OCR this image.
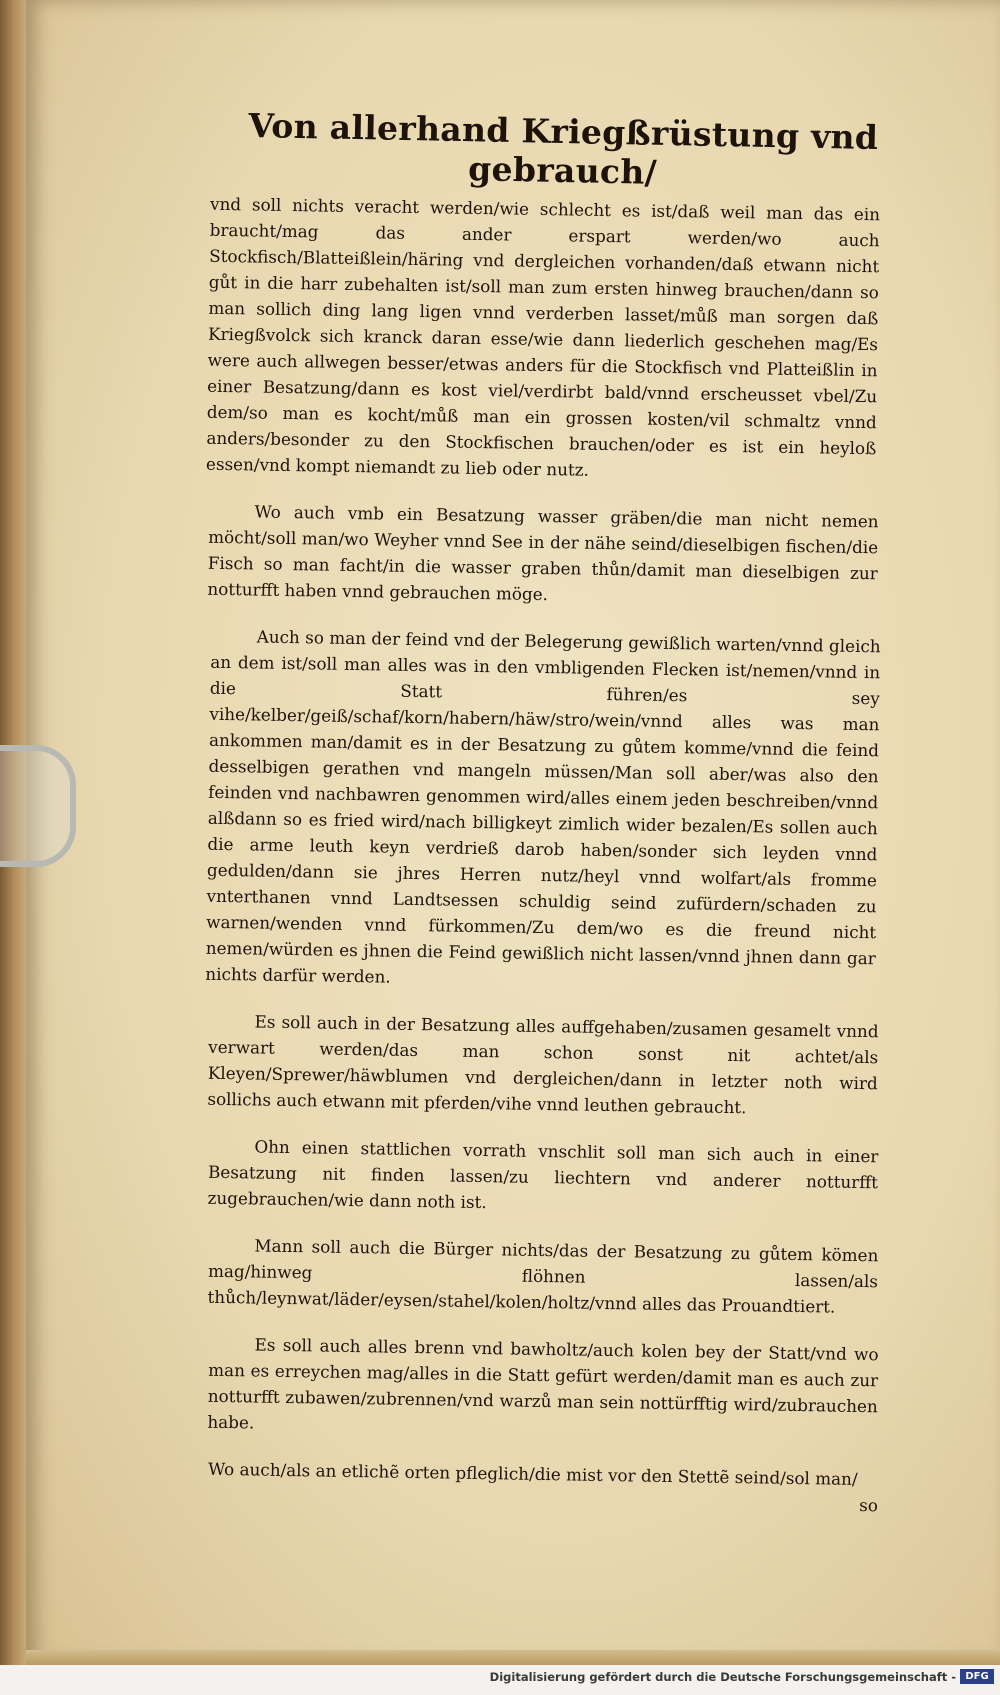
Von allerhand Kriegßrüstung vnd gebrauch/

vnd soll nichts veracht werden/wie schlecht es ist/daß weil man das ein braucht/mag das ander erspart werden/wo auch Stockfisch/Blatteißlein/häring vnd dergleichen vorhanden/daß etwann nicht gůt in die harr zubehalten ist/soll man zum ersten hinweg brauchen/dann so man sollich ding lang ligen vnnd verderben lasset/můß man sorgen daß Kriegßvolck sich kranck daran esse/wie dann liederlich geschehen mag/Es were auch allwegen besser/etwas anders für die Stockfisch vnd Platteißlin in einer Besatzung/dann es kost viel/verdirbt bald/vnnd erscheusset vbel/Zu dem/so man es kocht/můß man ein grossen kosten/vil schmaltz vnnd anders/besonder zu den Stockfischen brauchen/oder es ist ein heyloß essen/vnd kompt niemandt zu lieb oder nutz.

Wo auch vmb ein Besatzung wasser gräben/die man nicht nemen möcht/soll man/wo Weyher vnnd See in der nähe seind/dieselbigen fischen/die Fisch so man facht/in die wasser graben thůn/damit man dieselbigen zur notturfft haben vnnd gebrauchen möge.

Auch so man der feind vnd der Belegerung gewißlich warten/vnnd gleich an dem ist/soll man alles was in den vmbligenden Flecken ist/nemen/vnnd in die Statt führen/es sey vihe/kelber/geiß/schaf/korn/habern/häw/stro/wein/vnnd alles was man ankommen man/damit es in der Besatzung zu gůtem komme/vnnd die feind desselbigen gerathen vnd mangeln müssen/Man soll aber/was also den feinden vnd nachbawren genommen wird/alles einem jeden beschreiben/vnnd alßdann so es fried wird/nach billigkeyt zimlich wider bezalen/Es sollen auch die arme leuth keyn verdrieß darob haben/sonder sich leyden vnnd gedulden/dann sie jhres Herren nutz/heyl vnnd wolfart/als fromme vnterthanen vnnd Landtsessen schuldig seind zufürdern/schaden zu warnen/wenden vnnd fürkommen/Zu dem/wo es die freund nicht nemen/würden es jhnen die Feind gewißlich nicht lassen/vnnd jhnen dann gar nichts darfür werden.

Es soll auch in der Besatzung alles auffgehaben/zusamen gesamelt vnnd verwart werden/das man schon sonst nit achtet/als Kleyen/Sprewer/häwblumen vnd dergleichen/dann in letzter noth wird sollichs auch etwann mit pferden/vihe vnnd leuthen gebraucht.

Ohn einen stattlichen vorrath vnschlit soll man sich auch in einer Besatzung nit finden lassen/zu liechtern vnd anderer notturfft zugebrauchen/wie dann noth ist.

Mann soll auch die Bürger nichts/das der Besatzung zu gůtem kömen mag/hinweg flöhnen lassen/als thůch/leynwat/läder/eysen/stahel/kolen/holtz/vnnd alles das Prouandtiert.

Es soll auch alles brenn vnd bawholtz/auch kolen bey der Statt/vnd wo man es erreychen mag/alles in die Statt gefürt werden/damit man es auch zur notturfft zubawen/zubrennen/vnd warzů man sein nottürfftig wird/zubrauchen habe.

Wo auch/als an etlichẽ orten pfleglich/die mist vor den Stettẽ seind/sol man/

so
Digitalisierung gefördert durch die Deutsche Forschungsgemeinschaft - DFG
